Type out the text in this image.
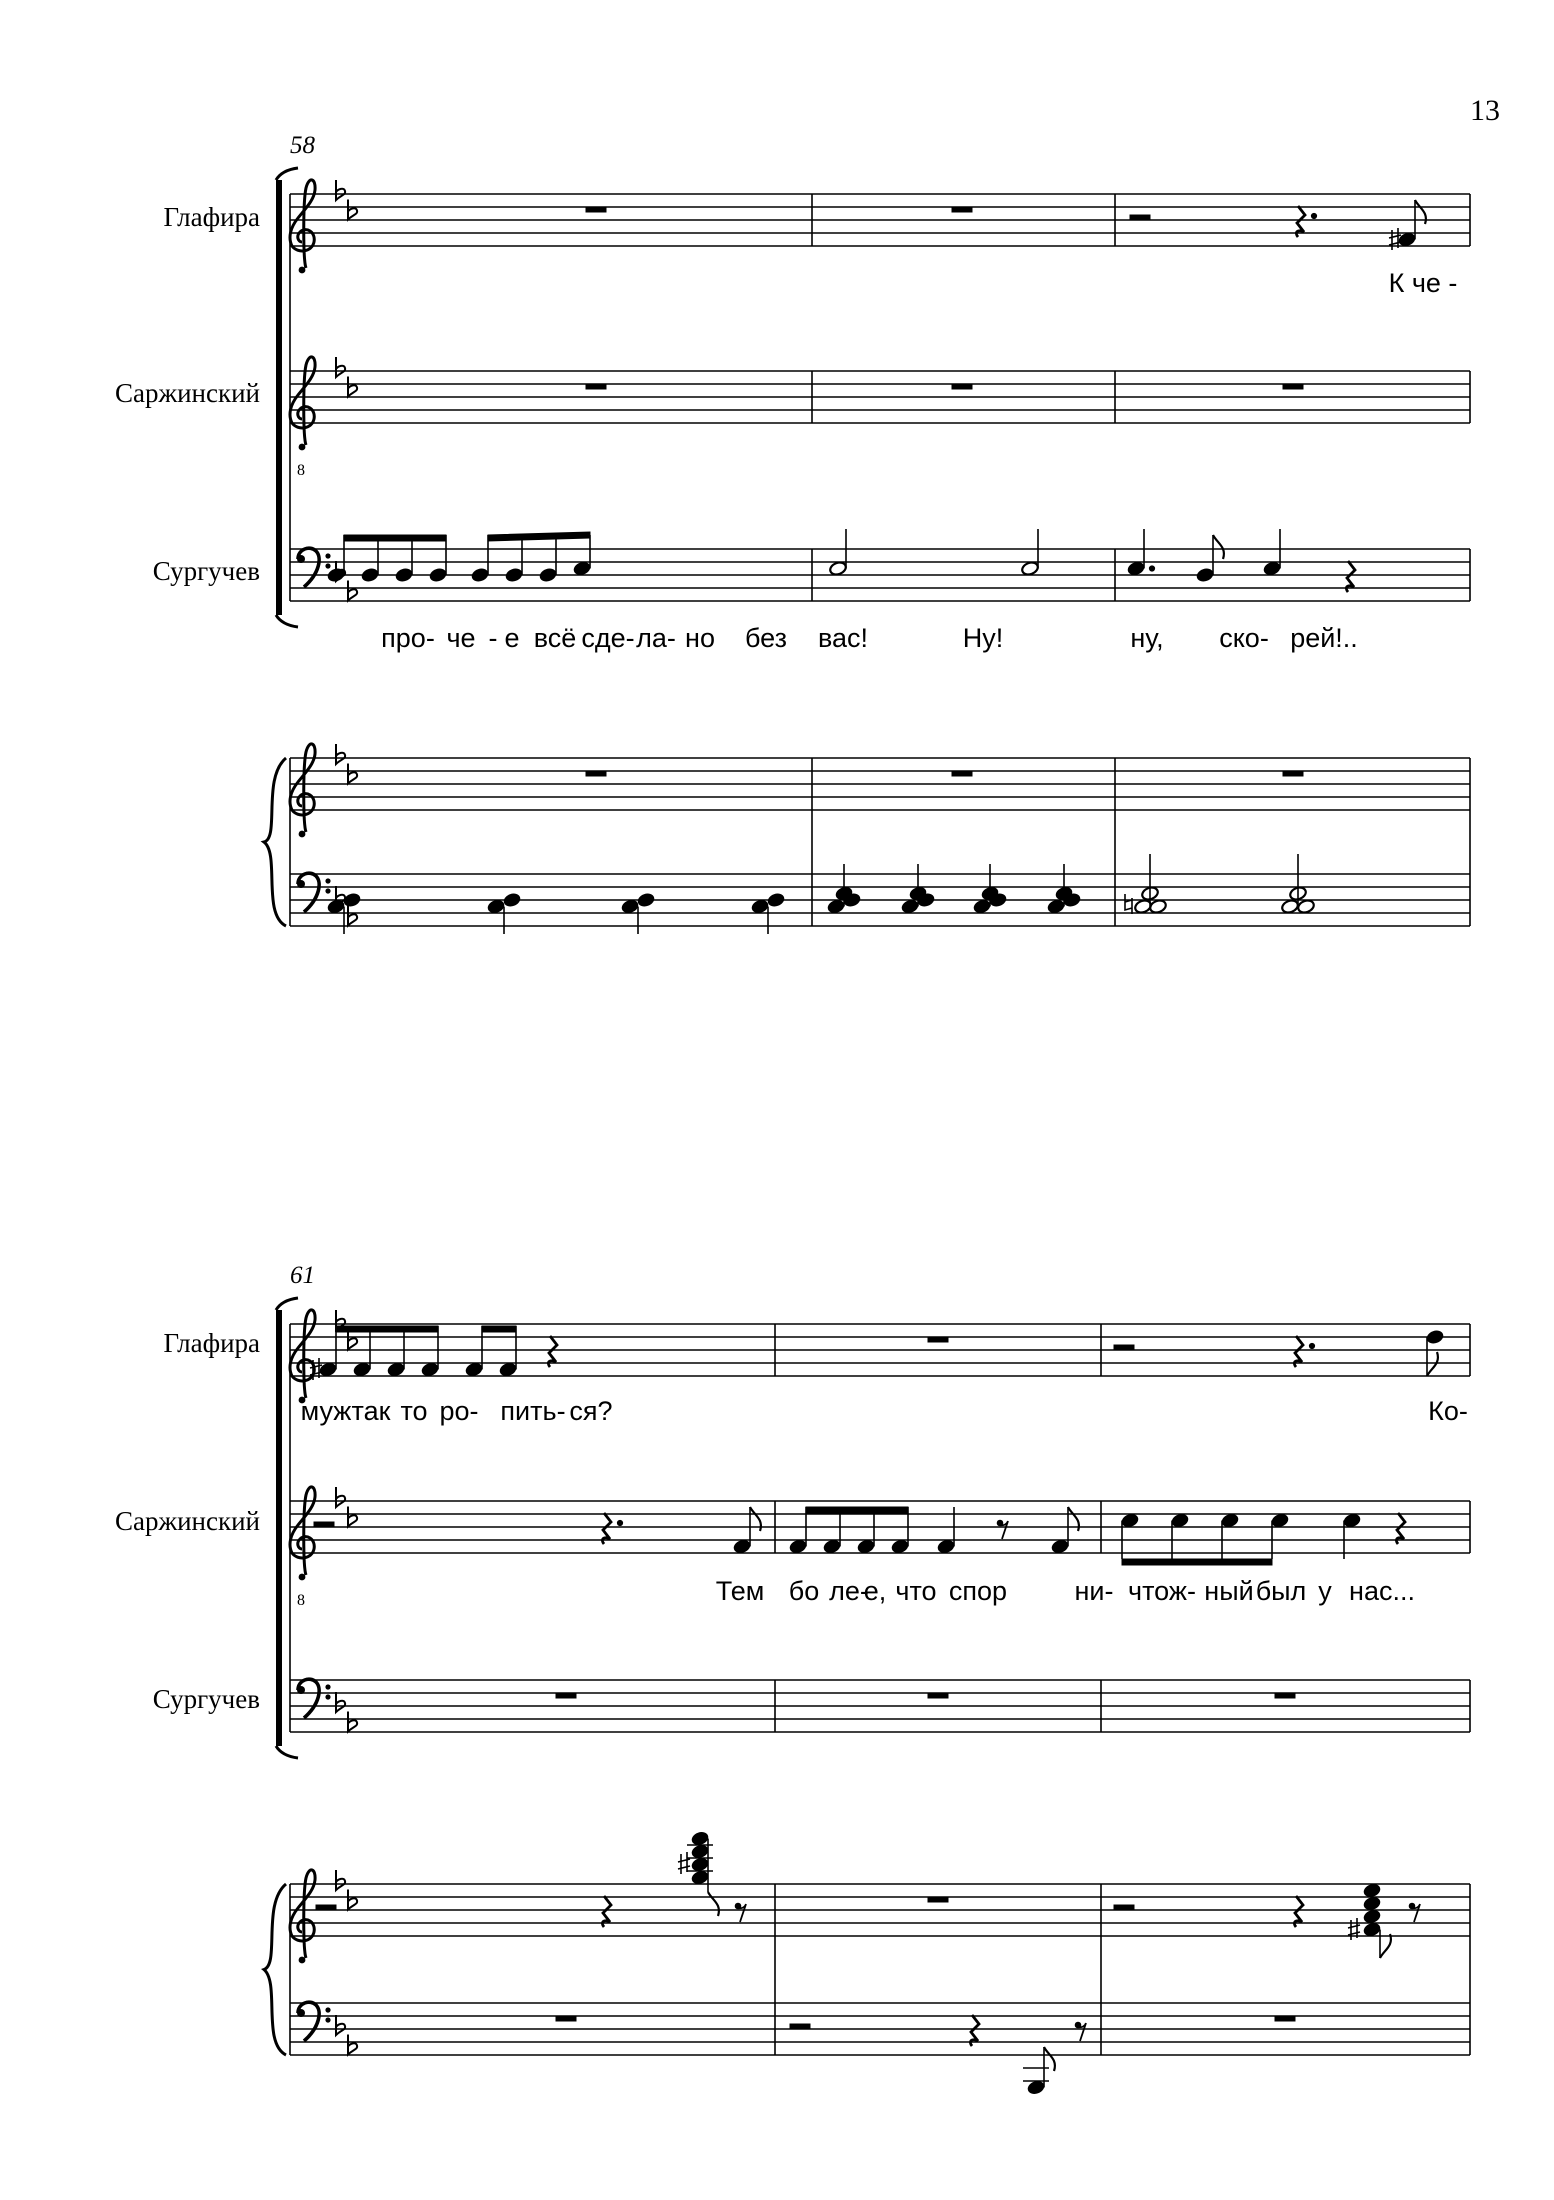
13
58
Глафира
Саржинский
Сургучев
К че -
про- че - е всё сде- ла- но без вас!	Ну!	ну, ско- рей!..
61
Глафира
Саржинский
Сургучев
муж так то ро- пить- ся?	Ко-
Тем бо ле-
е, что спор ни- чтож- ный был у нас...
8
8
